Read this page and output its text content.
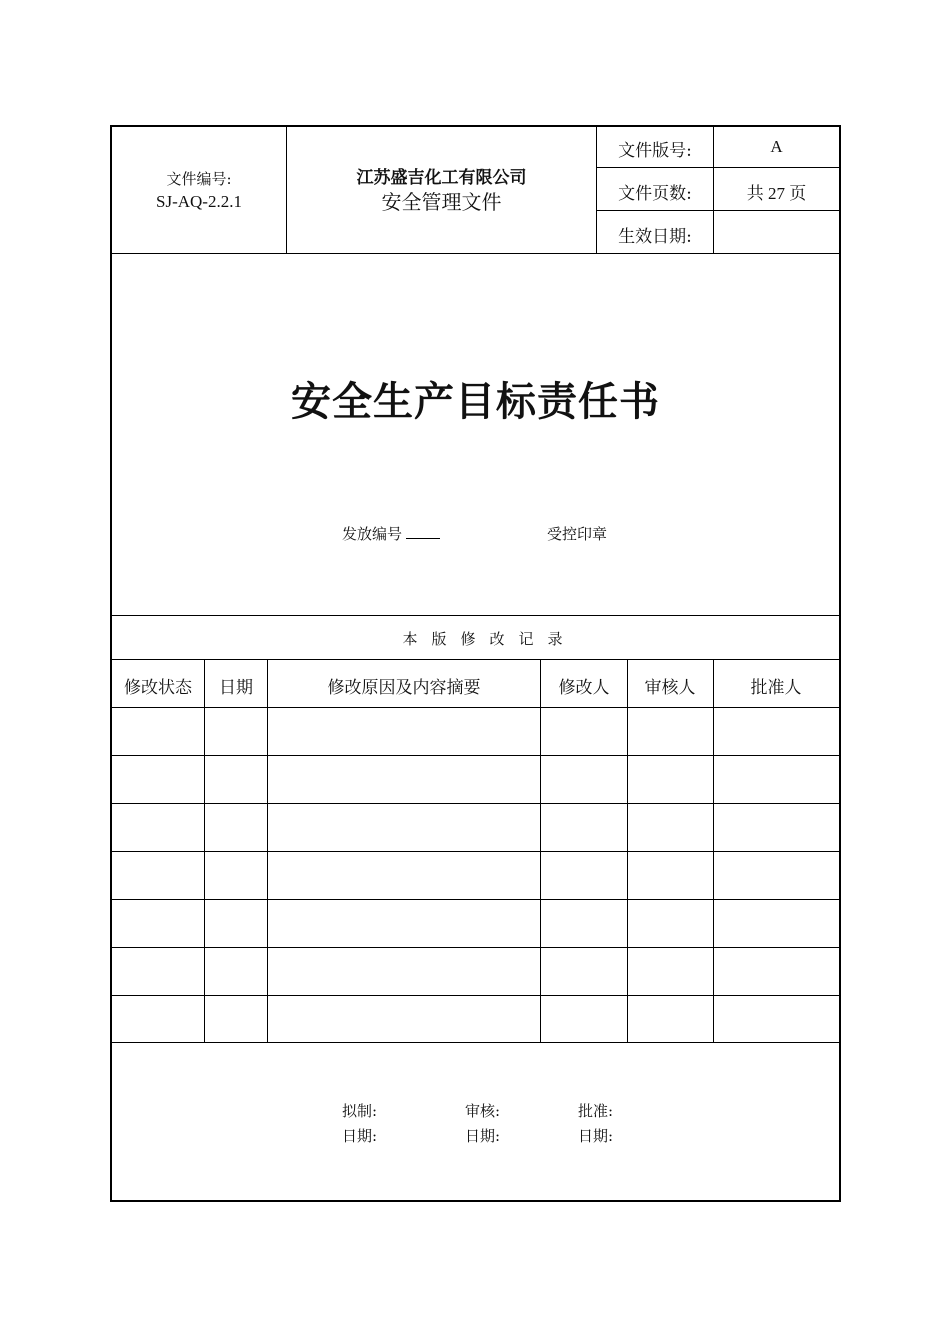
文件编号:
SJ-AQ-2.2.1
江苏盛吉化工有限公司
安全管理文件
文件版号:	A
文件页数:	共 27 页
生效日期:
安全生产目标责任书
发放编号	受控印章
本版修改记录
修改状态	日期	修改原因及内容摘要	修改人	审核人	批准人
拟制:	审核:	批准:
日期:	日期:	日期:
